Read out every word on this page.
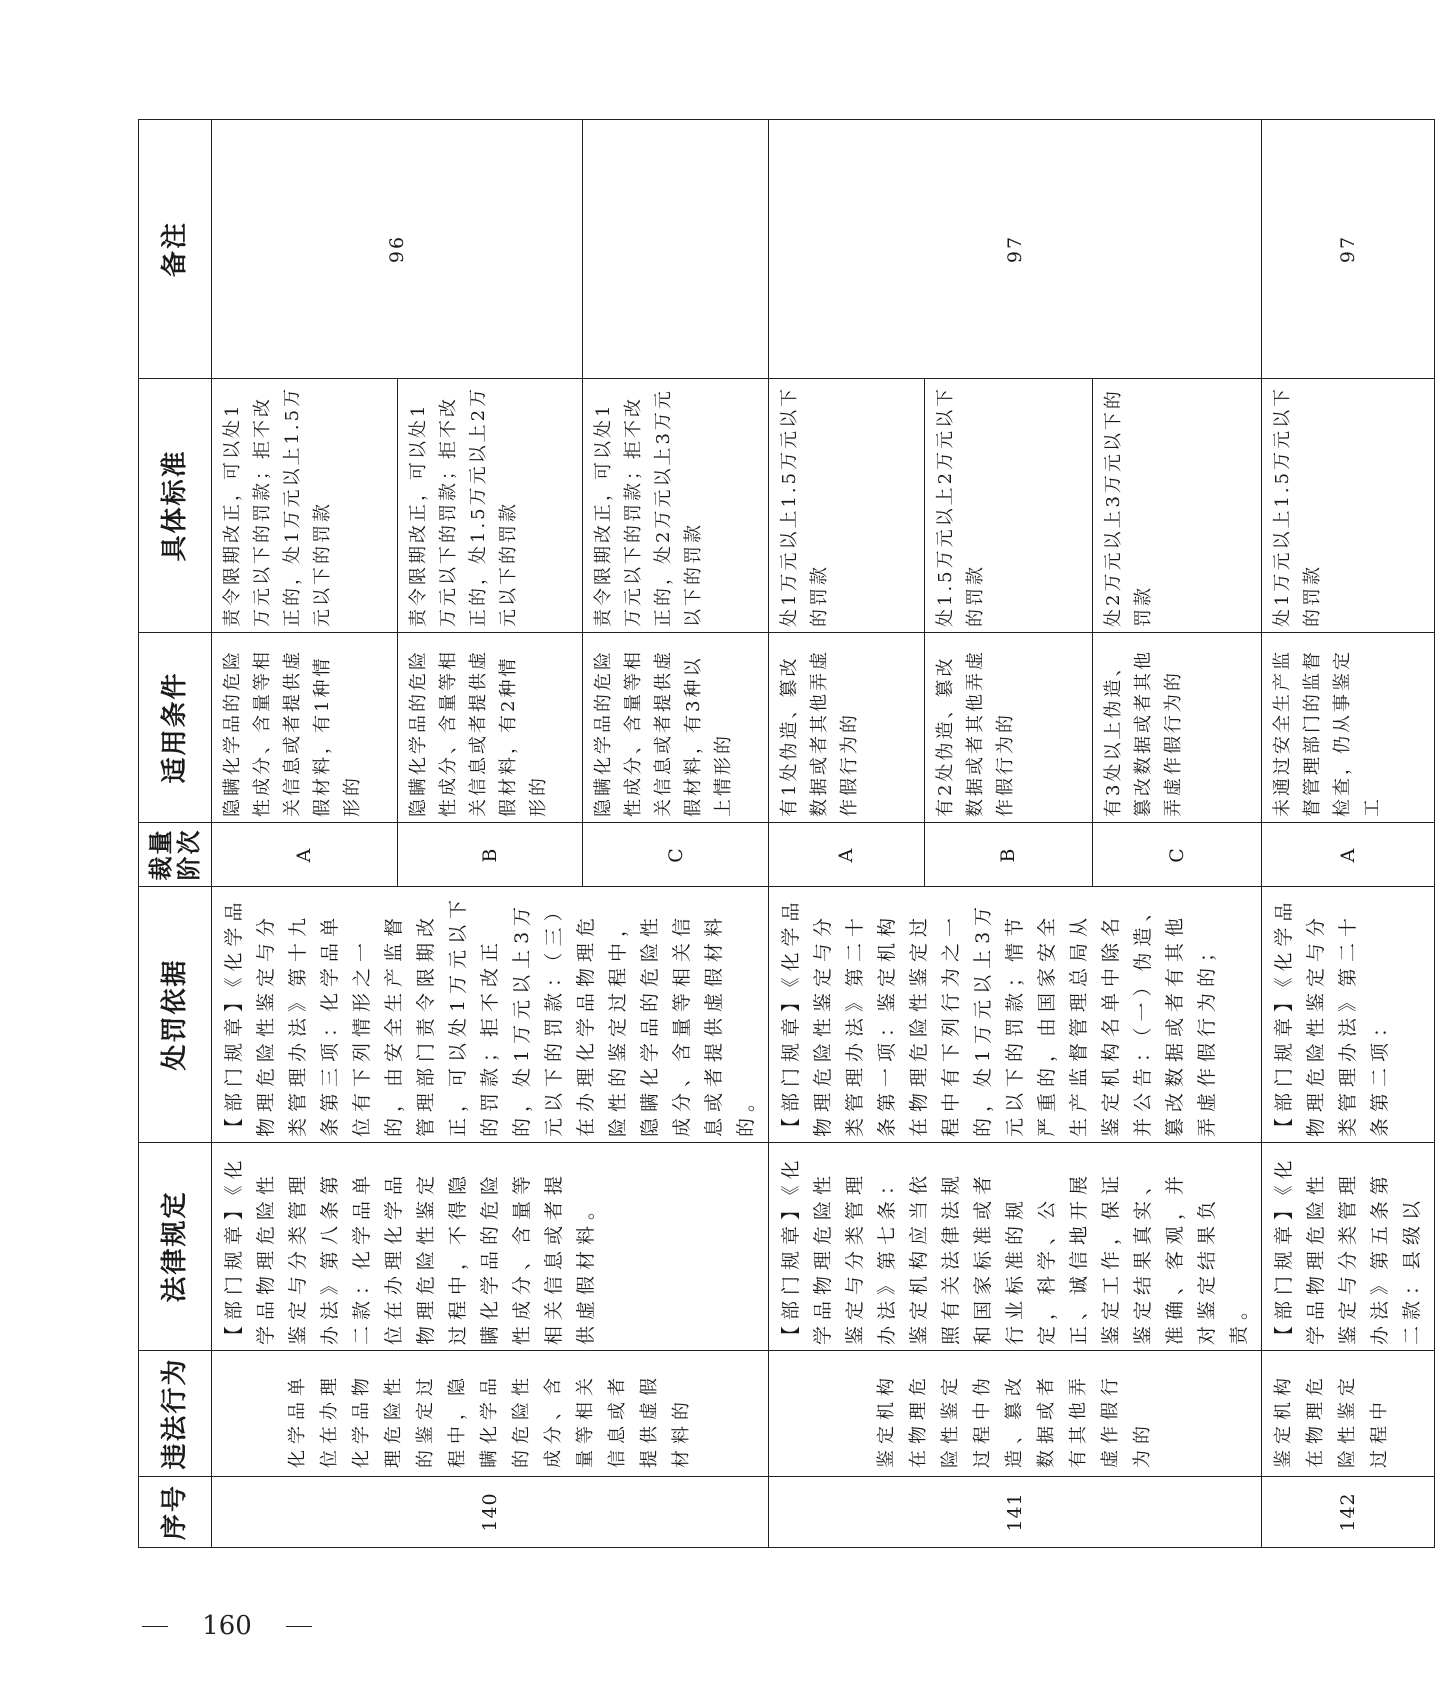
序号	违法行为	法律规定	处罚依据	裁量阶次	适用条件	具体标准	备注
140	化学品单位在办理化学品物理危险性的鉴定过程中，隐瞒化学品的危险性成分、含量等相关信息或者提供虚假材料的	【部门规章】《化学品物理危险性鉴定与分类管理办法》第八条第二款：化学品单位在办理化学品物理危险性鉴定过程中，不得隐瞒化学品的危险性成分、含量等相关信息或者提供虚假材料。	【部门规章】《化学品物理危险性鉴定与分类管理办法》第十九条第三项：化学品单位有下列情形之一的，由安全生产监督管理部门责令限期改正，可以处1万元以下的罚款；拒不改正的，处1万元以上3万元以下的罚款：（三）在办理化学品物理危险性的鉴定过程中，隐瞒化学品的危险性成分、含量等相关信息或者提供虚假材料的。	A	隐瞒化学品的危险性成分、含量等相关信息或者提供虚假材料，有1种情形的	责令限期改正，可以处1万元以下的罚款；拒不改正的，处1万元以上1.5万元以下的罚款	96
				B	隐瞒化学品的危险性成分、含量等相关信息或者提供虚假材料，有2种情形的	责令限期改正，可以处1万元以下的罚款；拒不改正的，处1.5万元以上2万元以下的罚款	
				C	隐瞒化学品的危险性成分、含量等相关信息或者提供虚假材料，有3种以上情形的	责令限期改正，可以处1万元以下的罚款；拒不改正的，处2万元以上3万元以下的罚款	
141	鉴定机构在物理危险性鉴定过程中伪造、篡改数据或者有其他弄虚作假行为的	【部门规章】《化学品物理危险性鉴定与分类管理办法》第七条：鉴定机构应当依照有关法律法规和国家标准或者行业标准的规定，科学、公正、诚信地开展鉴定工作，保证鉴定结果真实、准确、客观，并对鉴定结果负责。	【部门规章】《化学品物理危险性鉴定与分类管理办法》第二十条第一项：鉴定机构在物理危险性鉴定过程中有下列行为之一的，处1万元以上3万元以下的罚款；情节严重的，由国家安全生产监督管理总局从鉴定机构名单中除名并公告：（一）伪造、篡改数据或者有其他弄虚作假行为的；	A	有1处伪造、篡改数据或者其他弄虚作假行为的	处1万元以上1.5万元以下的罚款	97
				B	有2处伪造、篡改数据或者其他弄虚作假行为的	处1.5万元以上2万元以下的罚款	
				C	有3处以上伪造、篡改数据或者其他弄虚作假行为的	处2万元以上3万元以下的罚款	
142	鉴定机构在物理危险性鉴定过程中	【部门规章】《化学品物理危险性鉴定与分类管理办法》第五条第二款：县级以	【部门规章】《化学品物理危险性鉴定与分类管理办法》第二十条第二项：	A	未通过安全生产监督管理部门的监督检查，仍从事鉴定工	处1万元以上1.5万元以下的罚款	97
160
